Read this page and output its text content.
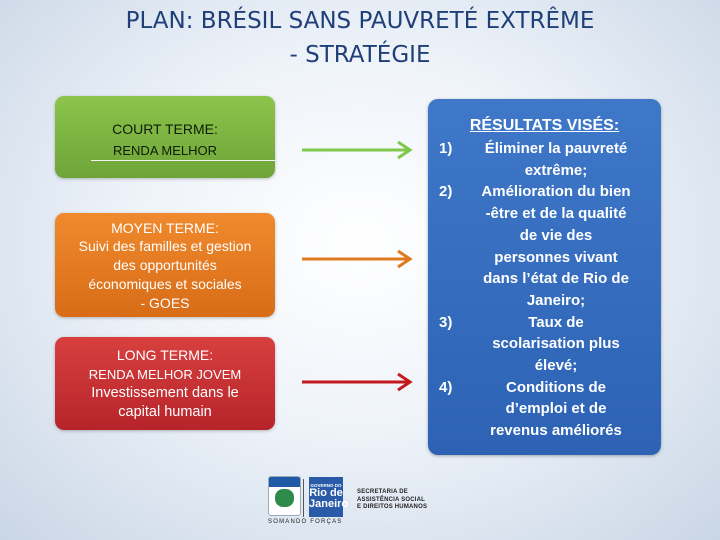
PLAN: BRÉSIL SANS PAUVRETÉ EXTRÊME
- STRATÉGIE
COURT TERME:
RENDA MELHOR
MOYEN TERME:
Suivi des familles et gestion
des opportunités
économiques et sociales
- GOES
LONG TERME:
RENDA MELHOR JOVEM
Investissement dans le
capital humain
RÉSULTATS VISÉS:
1)	Éliminer la pauvreté
extrême;
2)	Amélioration du bien
-être et de la qualité
de vie des
personnes vivant
dans l’état de Rio de
Janeiro;
3)	Taux de
scolarisation plus
élevé;
4)	Conditions de
d’emploi et de
revenus améliorés
GOVERNO DO
Rio de
Janeiro
SECRETARIA DE
ASSISTÊNCIA SOCIAL
E DIREITOS HUMANOS
SOMANDO FORÇAS
